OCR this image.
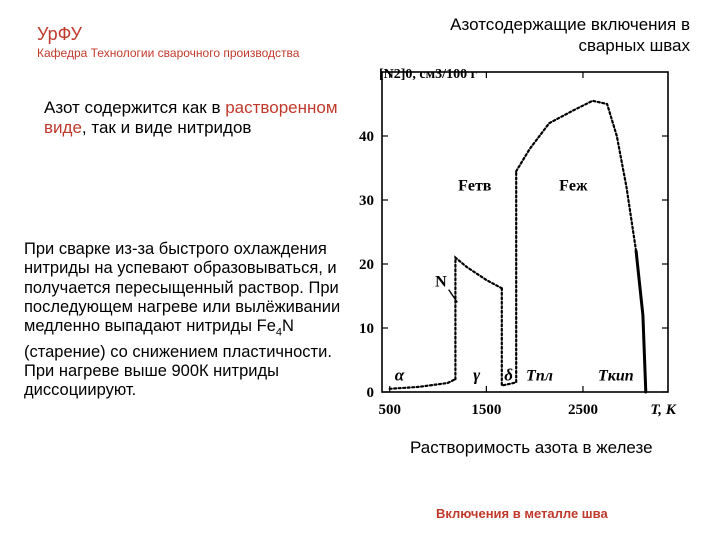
УрФУ
Кафедра Технологии сварочного производства
Азотсодержащие включения в сварных швах
Азот содержится как в растворенном виде, так и виде нитридов
При сварке из-за быстрого охлаждения нитриды на успевают образовываться, и получается пересыщенный раствор. При последующем нагреве или вылёживании медленно выпадают нитриды $Fe_4N$ (старение) со снижением пластичности.
При нагреве выше 900К нитриды диссоциируют.	0
10
20
30
40
[N2]0, см3/100 г
500	1500	2500	T, К
α	γ δ Tпл	Tкип
N
Feтв	Feж
Растворимость азота в железе
Включения в металле шва
